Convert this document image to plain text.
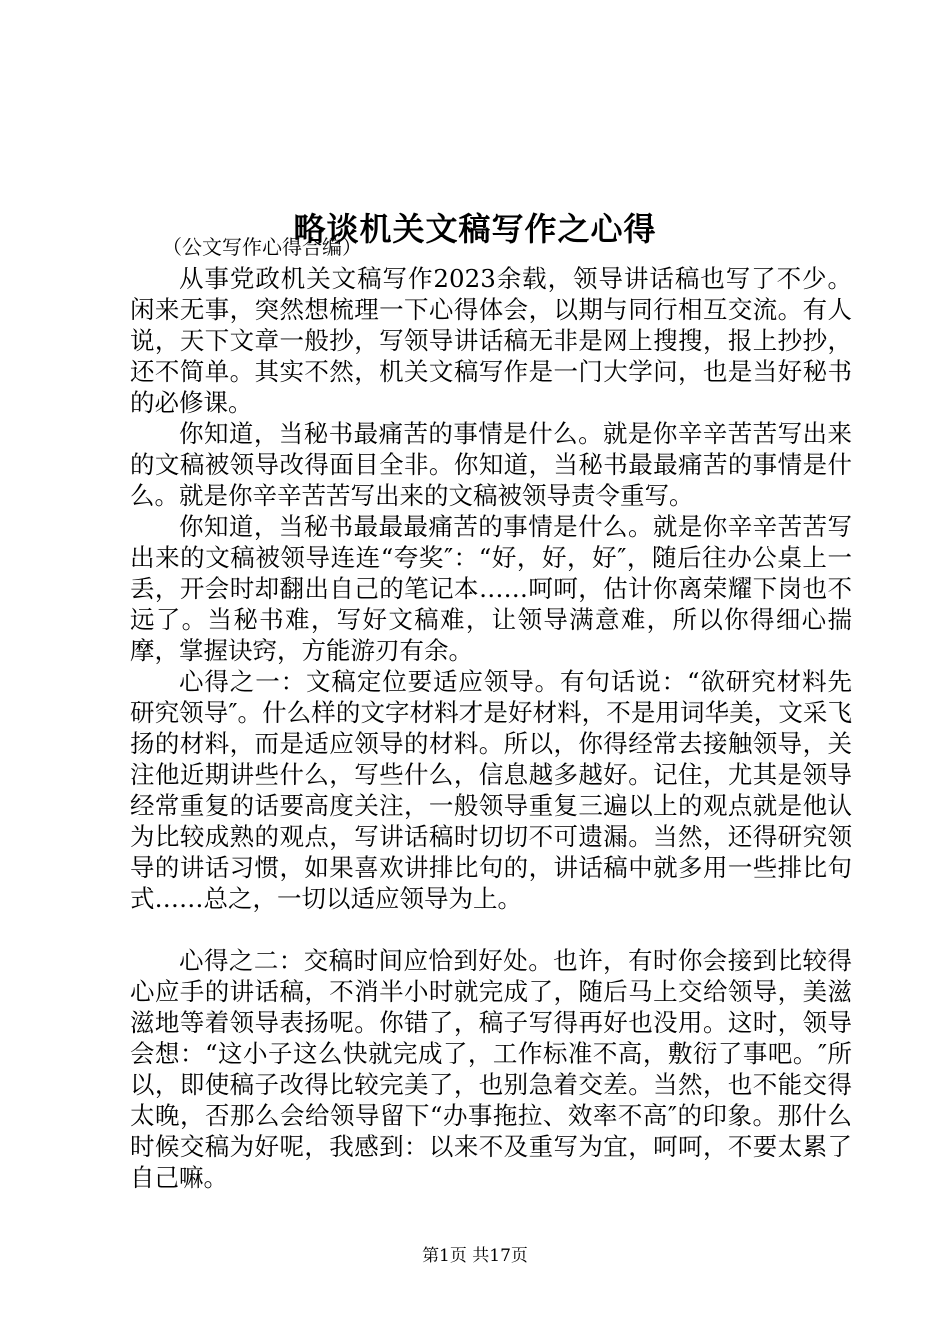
略谈机关文稿写作之心得

（公文写作心得合编）

从事党政机关文稿写作2023余载，领导讲话稿也写了不少。闲来无事，突然想梳理一下心得体会，以期与同行相互交流。有人说，天下文章一般抄，写领导讲话稿无非是网上搜搜，报上抄抄，还不简单。其实不然，机关文稿写作是一门大学问，也是当好秘书的必修课。

你知道，当秘书最痛苦的事情是什么。就是你辛辛苦苦写出来的文稿被领导改得面目全非。你知道，当秘书最最痛苦的事情是什么。就是你辛辛苦苦写出来的文稿被领导责令重写。

你知道，当秘书最最最痛苦的事情是什么。就是你辛辛苦苦写出来的文稿被领导连连“夸奖″：“好，好，好″，随后往办公桌上一丢，开会时却翻出自己的笔记本……呵呵，估计你离荣耀下岗也不远了。当秘书难，写好文稿难，让领导满意难，所以你得细心揣摩，掌握诀窍，方能游刃有余。

心得之一：文稿定位要适应领导。有句话说：“欲研究材料先研究领导″。什么样的文字材料才是好材料，不是用词华美，文采飞扬的材料，而是适应领导的材料。所以，你得经常去接触领导，关注他近期讲些什么，写些什么，信息越多越好。记住，尤其是领导经常重复的话要高度关注，一般领导重复三遍以上的观点就是他认为比较成熟的观点，写讲话稿时切切不可遗漏。当然，还得研究领导的讲话习惯，如果喜欢讲排比句的，讲话稿中就多用一些排比句式……总之，一切以适应领导为上。

心得之二：交稿时间应恰到好处。也许，有时你会接到比较得心应手的讲话稿，不消半小时就完成了，随后马上交给领导，美滋滋地等着领导表扬呢。你错了，稿子写得再好也没用。这时，领导会想：“这小子这么快就完成了，工作标准不高，敷衍了事吧。″所以，即使稿子改得比较完美了，也别急着交差。当然，也不能交得太晚，否那么会给领导留下“办事拖拉、效率不高″的印象。那什么时候交稿为好呢，我感到：以来不及重写为宜，呵呵，不要太累了自己嘛。

第1页 共17页
